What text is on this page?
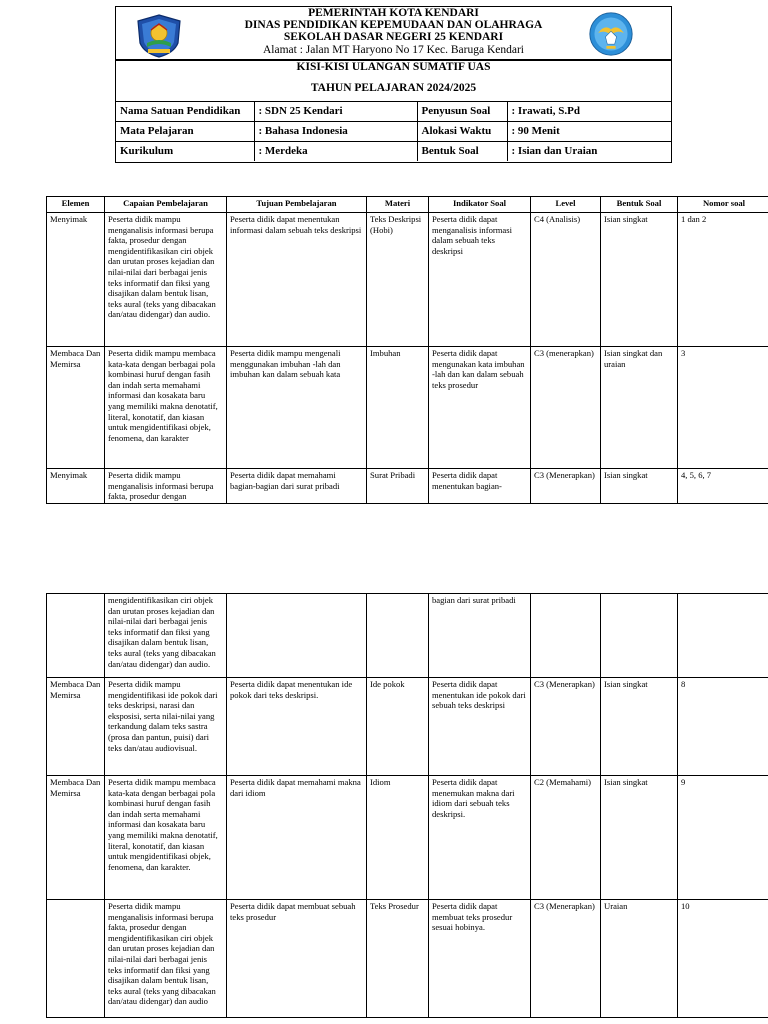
PEMERINTAH KOTA KENDARI
DINAS PENDIDIKAN KEPEMUDAAN DAN OLAHRAGA
SEKOLAH DASAR NEGERI 25 KENDARI
Alamat : Jalan MT Haryono No 17 Kec. Baruga Kendari
KISI-KISI ULANGAN SUMATIF UAS
TAHUN PELAJARAN 2024/2025
Nama Satuan Pendidikan	: SDN 25 Kendari	Penyusun Soal	: Irawati, S.Pd
Mata Pelajaran	: Bahasa Indonesia	Alokasi Waktu	: 90 Menit
Kurikulum	: Merdeka	Bentuk Soal	: Isian dan Uraian
Elemen	Capaian Pembelajaran	Tujuan Pembelajaran	Materi	Indikator Soal	Level	Bentuk Soal	Nomor soal
Menyimak	Peserta didik mampu menganalisis informasi berupa fakta, prosedur dengan mengidentifikasikan ciri objek dan urutan proses kejadian dan nilai-nilai dari berbagai jenis teks informatif dan fiksi yang disajikan dalam bentuk lisan, teks aural (teks yang dibacakan dan/atau didengar) dan audio.	Peserta didik dapat menentukan informasi dalam sebuah teks deskripsi	Teks Deskripsi (Hobi)	Peserta didik dapat menganalisis informasi dalam sebuah teks deskripsi	C4 (Analisis)	Isian singkat	1 dan 2
Membaca Dan Memirsa	Peserta didik mampu membaca kata-kata dengan berbagai pola kombinasi huruf dengan fasih dan indah serta memahami informasi dan kosakata baru yang memiliki makna denotatif, literal, konotatif, dan kiasan untuk mengidentifikasi objek, fenomena, dan karakter	Peserta didik mampu mengenali menggunakan imbuhan -lah dan imbuhan kan dalam sebuah kata	Imbuhan	Peserta didik dapat mengunakan kata imbuhan -lah dan kan dalam sebuah teks prosedur	C3 (menerapkan)	Isian singkat dan uraian	3
Menyimak	Peserta didik mampu menganalisis informasi berupa fakta, prosedur dengan	Peserta didik dapat memahami bagian-bagian dari surat pribadi	Surat Pribadi	Peserta didik dapat menentukan bagian-	C3 (Menerapkan)	Isian singkat	4, 5, 6, 7
	mengidentifikasikan ciri objek dan urutan proses kejadian dan nilai-nilai dari berbagai jenis teks informatif dan fiksi yang disajikan dalam bentuk lisan, teks aural (teks yang dibacakan dan/atau didengar) dan audio.			bagian dari surat pribadi			
Membaca Dan Memirsa	Peserta didik mampu mengidentifikasi ide pokok dari teks deskripsi, narasi dan eksposisi, serta nilai-nilai yang terkandung dalam teks sastra (prosa dan pantun, puisi) dari teks dan/atau audiovisual.	Peserta didik dapat menentukan ide pokok dari teks deskripsi.	Ide pokok	Peserta didik dapat menentukan ide pokok dari sebuah teks deskripsi	C3 (Menerapkan)	Isian singkat	8
Membaca Dan Memirsa	Peserta didik mampu membaca kata-kata dengan berbagai pola kombinasi huruf dengan fasih dan indah serta memahami informasi dan kosakata baru yang memiliki makna denotatif, literal, konotatif, dan kiasan untuk mengidentifikasi objek, fenomena, dan karakter.	Peserta didik dapat memahami makna dari idiom	Idiom	Peserta didik dapat menemukan makna dari idiom dari sebuah teks deskripsi.	C2 (Memahami)	Isian singkat	9
	Peserta didik mampu menganalisis informasi berupa fakta, prosedur dengan mengidentifikasikan ciri objek dan urutan proses kejadian dan nilai-nilai dari berbagai jenis teks informatif dan fiksi yang disajikan dalam bentuk lisan, teks aural (teks yang dibacakan dan/atau didengar) dan audio	Peserta didik dapat membuat sebuah teks prosedur	Teks Prosedur	Peserta didik dapat membuat teks prosedur sesuai hobinya.	C3 (Menerapkan)	Uraian	10
